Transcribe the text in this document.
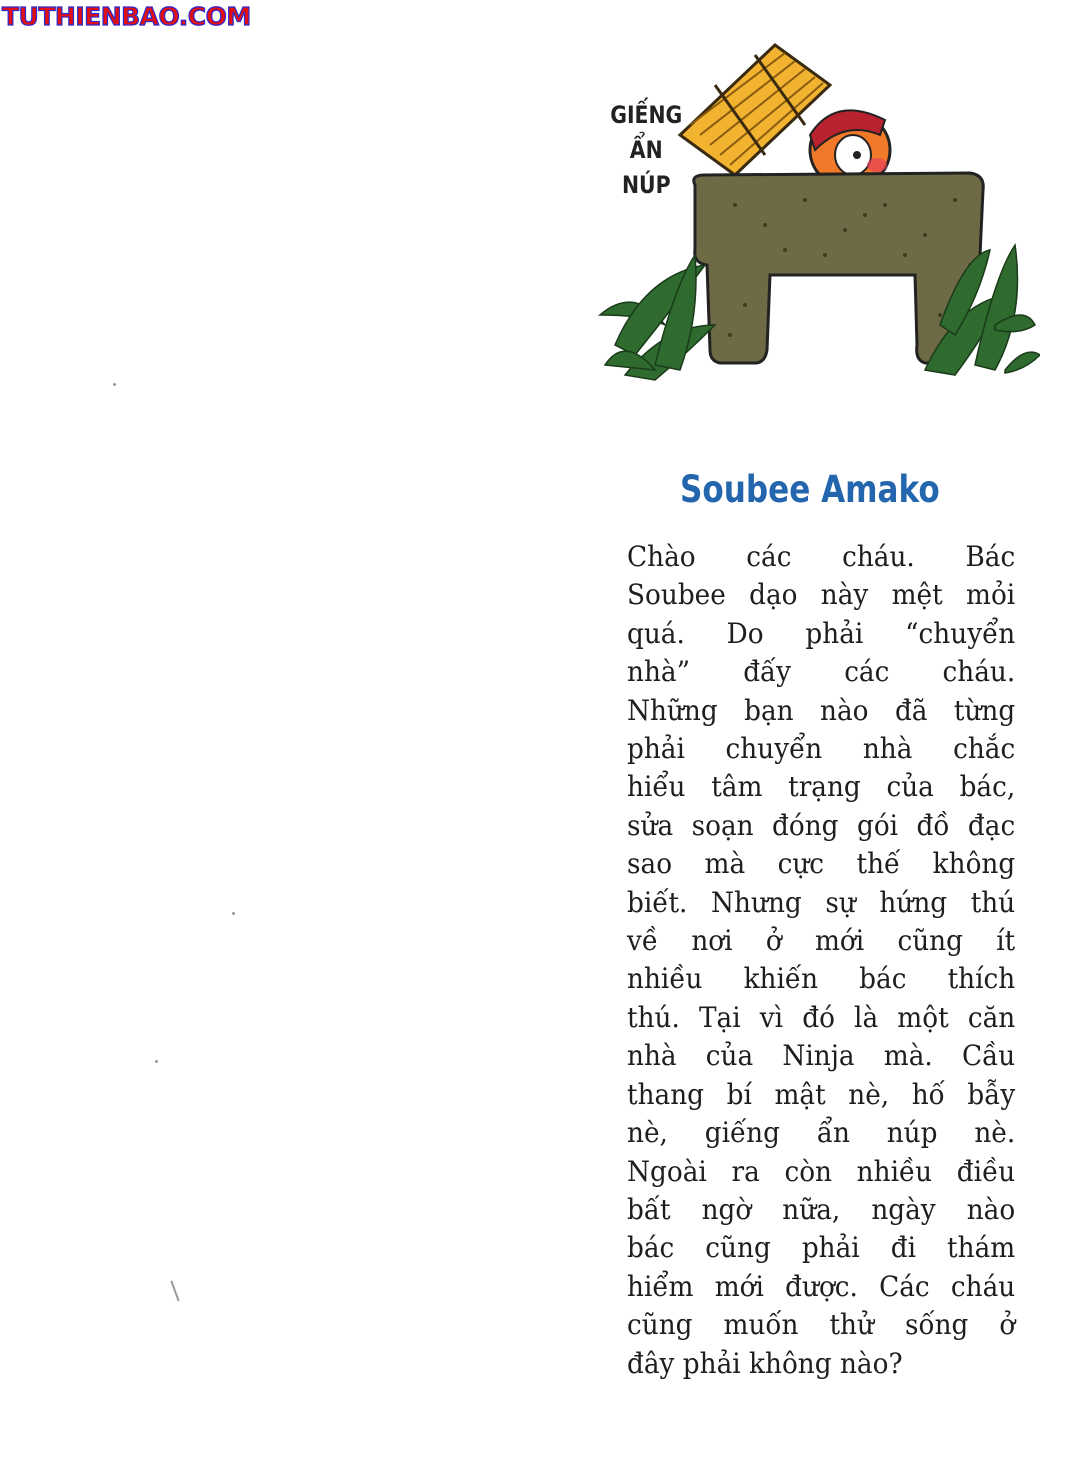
TUTHIENBAO.COM
GIẾNG
ẨN
NÚP
Soubee Amako
Chào các cháu. Bác
Soubee dạo này mệt mỏi
quá. Do phải “chuyển
nhà” đấy các cháu.
Những bạn nào đã từng
phải chuyển nhà chắc
hiểu tâm trạng của bác,
sửa soạn đóng gói đồ đạc
sao mà cực thế không
biết. Nhưng sự hứng thú
về nơi ở mới cũng ít
nhiều khiến bác thích
thú. Tại vì đó là một căn
nhà của Ninja mà. Cầu
thang bí mật nè, hố bẫy
nè, giếng ẩn núp nè.
Ngoài ra còn nhiều điều
bất ngờ nữa, ngày nào
bác cũng phải đi thám
hiểm mới được. Các cháu
cũng muốn thử sống ở
đây phải không nào?
